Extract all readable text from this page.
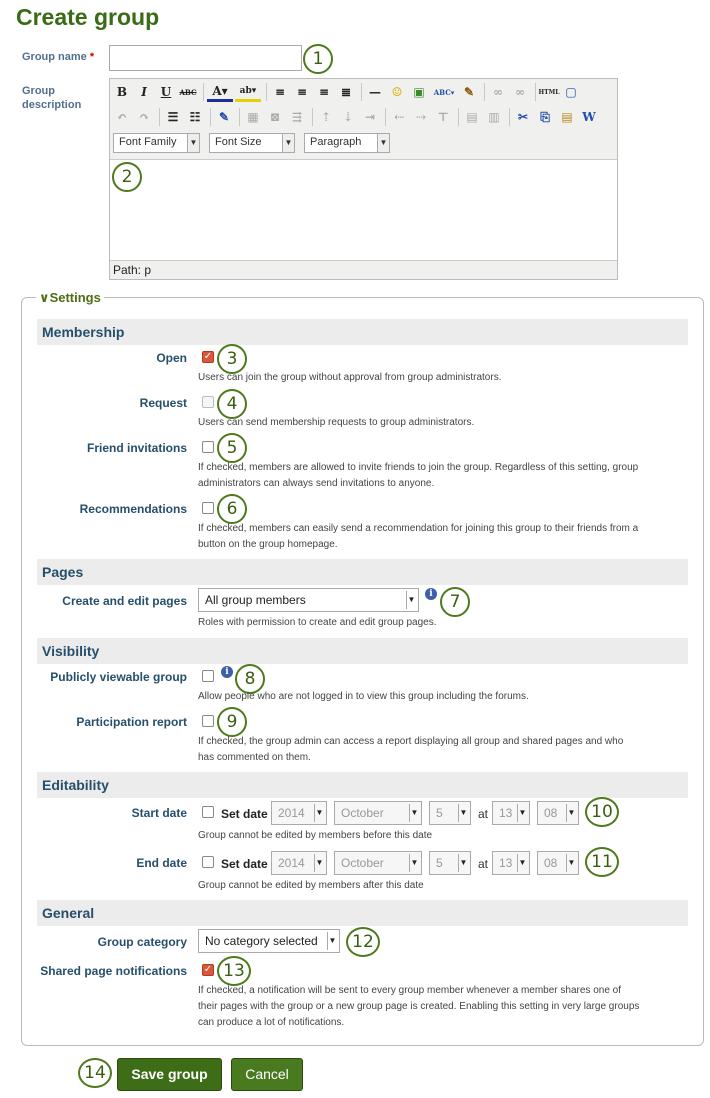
Create group
Group name *	1
Group
description
B	I	U	ABC	A▾	ab▾	≡ ≡ ≡ ≣	— ☺ ▣	ABC▾ ✎	∞	∞	HTML ▢
↶ ↷	☰ ☷	✎	▦ ⊠ ⇶	⇡ ⇣ ⇥	⇠ ⇢ ⊤	▤ ▥	✂	⎘ ▤ W
Font Family	▼	Font Size	▼	Paragraph	▼
Path: p
2
∨Settings
Membership
Open ✓ 3
Users can join the group without approval from group administrators.
Request	4
Users can send membership requests to group administrators.
Friend invitations	5
If checked, members are allowed to invite friends to join the group. Regardless of this setting, group
administrators can always send invitations to anyone.
Recommendations	6
If checked, members can easily send a recommendation for joining this group to their friends from a
button on the group homepage.
Pages
Create and edit pages	All group members	▼
i 7
Roles with permission to create and edit group pages.
Visibility
Publicly viewable group	i 8
Allow people who are not logged in to view this group including the forums.
Participation report	9
If checked, the group admin can access a report displaying all group and shared pages and who
has commented on them.
Editability
Start date	Set date 2014 ▼	October	▼	5 ▼ at 13 ▼	08 ▼ 10
Group cannot be edited by members before this date
End date	Set date 2014 ▼	October	▼	5 ▼ at 13 ▼	08 ▼ 11
Group cannot be edited by members after this date
General
Group category	No category selected ▼ 12
Shared page notifications ✓ 13
If checked, a notification will be sent to every group member whenever a member shares one of
their pages with the group or a new group page is created. Enabling this setting in very large groups
can produce a lot of notifications.
14	Save group	Cancel
